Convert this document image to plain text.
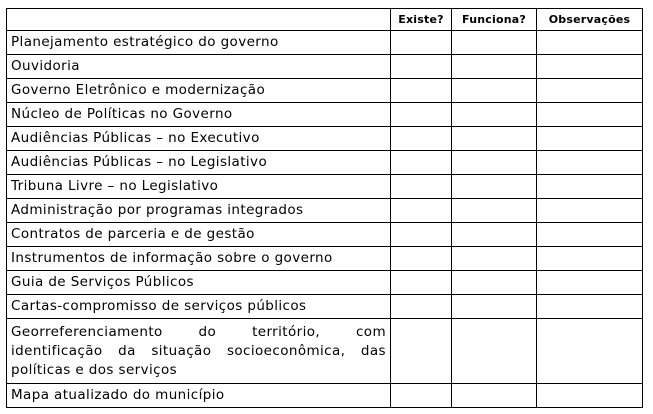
	Existe?	Funciona?	Observações
Planejamento estratégico do governo			
Ouvidoria			
Governo Eletrônico e modernização			
Núcleo de Políticas no Governo			
Audiências Públicas – no Executivo			
Audiências Públicas – no Legislativo			
Tribuna Livre – no Legislativo			
Administração por programas integrados			
Contratos de parceria e de gestão			
Instrumentos de informação sobre o governo			
Guia de Serviços Públicos			
Cartas-compromisso de serviços públicos			
Georreferenciamento do território, com identificação da situação socioeconômica, das políticas e dos serviços			
Mapa atualizado do município			
